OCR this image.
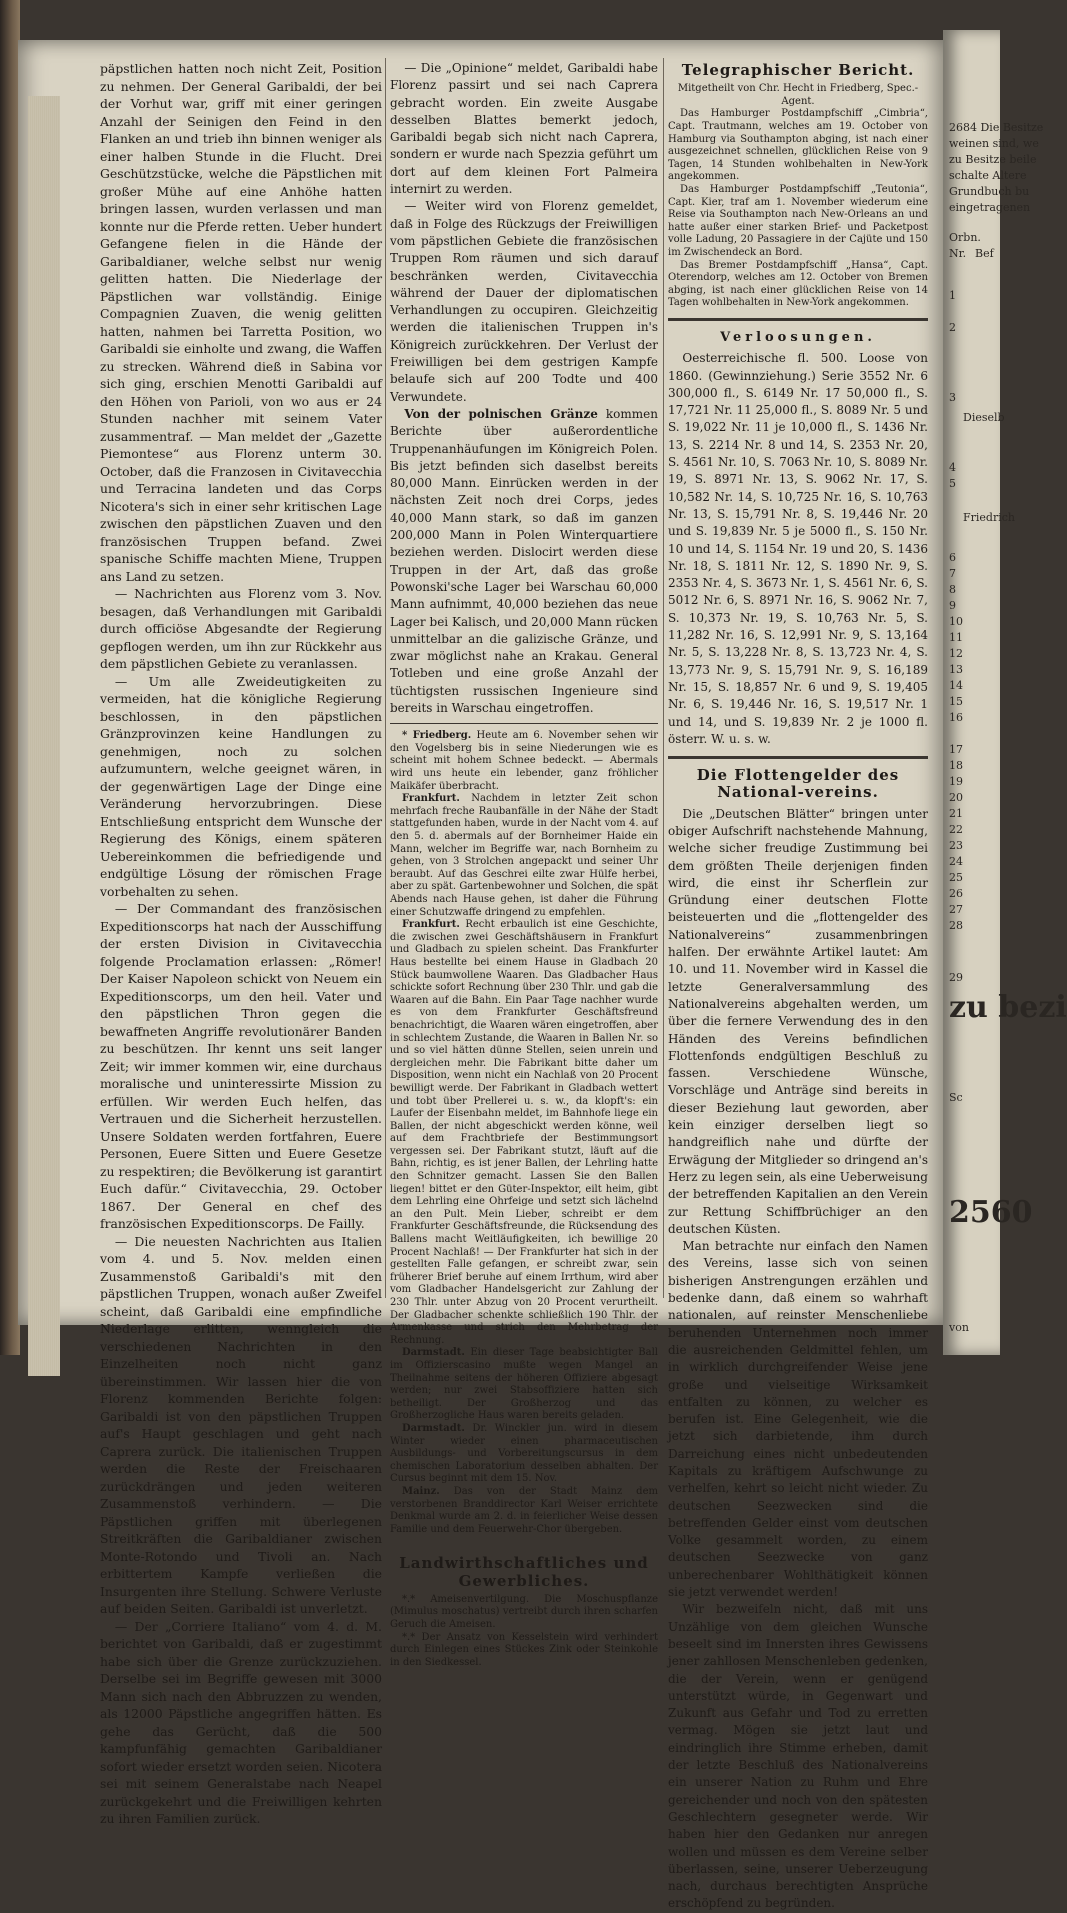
päpstlichen hatten noch nicht Zeit, Position zu nehmen. Der General Garibaldi, der bei der Vorhut war, griff mit einer geringen Anzahl der Seinigen den Feind in den Flanken an und trieb ihn binnen weniger als einer halben Stunde in die Flucht. Drei Geschützstücke, welche die Päpstlichen mit großer Mühe auf eine Anhöhe hatten bringen lassen, wurden verlassen und man konnte nur die Pferde retten. Ueber hundert Gefangene fielen in die Hände der Garibaldianer, welche selbst nur wenig gelitten hatten. Die Niederlage der Päpstlichen war vollständig. Einige Compagnien Zuaven, die wenig gelitten hatten, nahmen bei Tarretta Position, wo Garibaldi sie einholte und zwang, die Waffen zu strecken. Während dieß in Sabina vor sich ging, erschien Menotti Garibaldi auf den Höhen von Parioli, von wo aus er 24 Stunden nachher mit seinem Vater zusammentraf. — Man meldet der „Gazette Piemontese“ aus Florenz unterm 30. October, daß die Franzosen in Civitavecchia und Terracina landeten und das Corps Nicotera's sich in einer sehr kritischen Lage zwischen den päpstlichen Zuaven und den französischen Truppen befand. Zwei spanische Schiffe machten Miene, Truppen ans Land zu setzen.

— Nachrichten aus Florenz vom 3. Nov. besagen, daß Verhandlungen mit Garibaldi durch officiöse Abgesandte der Regierung gepflogen werden, um ihn zur Rückkehr aus dem päpstlichen Gebiete zu veranlassen.

— Um alle Zweideutigkeiten zu vermeiden, hat die königliche Regierung beschlossen, in den päpstlichen Gränzprovinzen keine Handlungen zu genehmigen, noch zu solchen aufzumuntern, welche geeignet wären, in der gegenwärtigen Lage der Dinge eine Veränderung hervorzubringen. Diese Entschließung entspricht dem Wunsche der Regierung des Königs, einem späteren Uebereinkommen die befriedigende und endgültige Lösung der römischen Frage vorbehalten zu sehen.

— Der Commandant des französischen Expeditionscorps hat nach der Ausschiffung der ersten Division in Civitavecchia folgende Proclamation erlassen: „Römer! Der Kaiser Napoleon schickt von Neuem ein Expeditionscorps, um den heil. Vater und den päpstlichen Thron gegen die bewaffneten Angriffe revolutionärer Banden zu beschützen. Ihr kennt uns seit langer Zeit; wir immer kommen wir, eine durchaus moralische und uninteressirte Mission zu erfüllen. Wir werden Euch helfen, das Vertrauen und die Sicherheit herzustellen. Unsere Soldaten werden fortfahren, Euere Personen, Euere Sitten und Euere Gesetze zu respektiren; die Bevölkerung ist garantirt Euch dafür.“ Civitavecchia, 29. October 1867. Der General en chef des französischen Expeditionscorps. De Failly.

— Die neuesten Nachrichten aus Italien vom 4. und 5. Nov. melden einen Zusammenstoß Garibaldi's mit den päpstlichen Truppen, wonach außer Zweifel scheint, daß Garibaldi eine empfindliche Niederlage erlitten, wenngleich die verschiedenen Nachrichten in den Einzelheiten noch nicht ganz übereinstimmen. Wir lassen hier die von Florenz kommenden Berichte folgen: Garibaldi ist von den päpstlichen Truppen auf's Haupt geschlagen und geht nach Caprera zurück. Die italienischen Truppen werden die Reste der Freischaaren zurückdrängen und jeden weiteren Zusammenstoß verhindern. — Die Päpstlichen griffen mit überlegenen Streitkräften die Garibaldianer zwischen Monte-Rotondo und Tivoli an. Nach erbittertem Kampfe verließen die Insurgenten ihre Stellung. Schwere Verluste auf beiden Seiten. Garibaldi ist unverletzt.

— Der „Corriere Italiano“ vom 4. d. M. berichtet von Garibaldi, daß er zugestimmt habe sich über die Grenze zurückzuziehen. Derselbe sei im Begriffe gewesen mit 3000 Mann sich nach den Abbruzzen zu wenden, als 12000 Päpstliche angegriffen hätten. Es gehe das Gerücht, daß die 500 kampfunfähig gemachten Garibaldianer sofort wieder ersetzt worden seien. Nicotera sei mit seinem Generalstabe nach Neapel zurückgekehrt und die Freiwilligen kehrten zu ihren Familien zurück.

— Die „Opinione“ meldet, Garibaldi habe Florenz passirt und sei nach Caprera gebracht worden. Ein zweite Ausgabe desselben Blattes bemerkt jedoch, Garibaldi begab sich nicht nach Caprera, sondern er wurde nach Spezzia geführt um dort auf dem kleinen Fort Palmeira internirt zu werden.

— Weiter wird von Florenz gemeldet, daß in Folge des Rückzugs der Freiwilligen vom päpstlichen Gebiete die französischen Truppen Rom räumen und sich darauf beschränken werden, Civitavecchia während der Dauer der diplomatischen Verhandlungen zu occupiren. Gleichzeitig werden die italienischen Truppen in's Königreich zurückkehren. Der Verlust der Freiwilligen bei dem gestrigen Kampfe belaufe sich auf 200 Todte und 400 Verwundete.

Von der polnischen Gränze kommen Berichte über außerordentliche Truppenanhäufungen im Königreich Polen. Bis jetzt befinden sich daselbst bereits 80,000 Mann. Einrücken werden in der nächsten Zeit noch drei Corps, jedes 40,000 Mann stark, so daß im ganzen 200,000 Mann in Polen Winterquartiere beziehen werden. Dislocirt werden diese Truppen in der Art, daß das große Powonski'sche Lager bei Warschau 60,000 Mann aufnimmt, 40,000 beziehen das neue Lager bei Kalisch, und 20,000 Mann rücken unmittelbar an die galizische Gränze, und zwar möglichst nahe an Krakau. General Totleben und eine große Anzahl der tüchtigsten russischen Ingenieure sind bereits in Warschau eingetroffen.

* Friedberg. Heute am 6. November sehen wir den Vogelsberg bis in seine Niederungen wie es scheint mit hohem Schnee bedeckt. — Abermals wird uns heute ein lebender, ganz fröhlicher Maikäfer überbracht.

Frankfurt. Nachdem in letzter Zeit schon mehrfach freche Raubanfälle in der Nähe der Stadt stattgefunden haben, wurde in der Nacht vom 4. auf den 5. d. abermals auf der Bornheimer Haide ein Mann, welcher im Begriffe war, nach Bornheim zu gehen, von 3 Strolchen angepackt und seiner Uhr beraubt. Auf das Geschrei eilte zwar Hülfe herbei, aber zu spät. Gartenbewohner und Solchen, die spät Abends nach Hause gehen, ist daher die Führung einer Schutzwaffe dringend zu empfehlen.

Frankfurt. Recht erbaulich ist eine Geschichte, die zwischen zwei Geschäftshäusern in Frankfurt und Gladbach zu spielen scheint. Das Frankfurter Haus bestellte bei einem Hause in Gladbach 20 Stück baumwollene Waaren. Das Gladbacher Haus schickte sofort Rechnung über 230 Thlr. und gab die Waaren auf die Bahn. Ein Paar Tage nachher wurde es von dem Frankfurter Geschäftsfreund benachrichtigt, die Waaren wären eingetroffen, aber in schlechtem Zustande, die Waaren in Ballen Nr. so und so viel hätten dünne Stellen, seien unrein und dergleichen mehr. Die Fabrikant bitte daher um Disposition, wenn nicht ein Nachlaß von 20 Procent bewilligt werde. Der Fabrikant in Gladbach wettert und tobt über Prellerei u. s. w., da klopft's: ein Laufer der Eisenbahn meldet, im Bahnhofe liege ein Ballen, der nicht abgeschickt werden könne, weil auf dem Frachtbriefe der Bestimmungsort vergessen sei. Der Fabrikant stutzt, läuft auf die Bahn, richtig, es ist jener Ballen, der Lehrling hatte den Schnitzer gemacht. Lassen Sie den Ballen liegen! bittet er den Güter-Inspektor, eilt heim, gibt dem Lehrling eine Ohrfeige und setzt sich lächelnd an den Pult. Mein Lieber, schreibt er dem Frankfurter Geschäftsfreunde, die Rücksendung des Ballens macht Weitläufigkeiten, ich bewillige 20 Procent Nachlaß! — Der Frankfurter hat sich in der gestellten Falle gefangen, er schreibt zwar, sein früherer Brief beruhe auf einem Irrthum, wird aber vom Gladbacher Handelsgericht zur Zahlung der 230 Thlr. unter Abzug von 20 Procent verurtheilt. Der Gladbacher schenkte schließlich 190 Thlr. der Armenkasse und strich den Mehrbetrag der Rechnung.

Darmstadt. Ein dieser Tage beabsichtigter Ball im Offizierscasino mußte wegen Mangel an Theilnahme seitens der höheren Offiziere abgesagt werden; nur zwei Stabsoffiziere hatten sich betheiligt. Der Großherzog und das Großherzogliche Haus waren bereits geladen.

Darmstadt. Dr. Winckler jun. wird in diesem Winter wieder einen pharmaceutischen Ausbildungs- und Vorbereitungscursus in dem chemischen Laboratorium desselben abhalten. Der Cursus beginnt mit dem 15. Nov.

Mainz. Das von der Stadt Mainz dem verstorbenen Branddirector Karl Weiser errichtete Denkmal wurde am 2. d. in feierlicher Weise dessen Familie und dem Feuerwehr-Chor übergeben.

Landwirthschaftliches und Gewerbliches.

*.* Ameisenvertilgung. Die Moschuspflanze (Mimulus moschatus) vertreibt durch ihren scharfen Geruch die Ameisen.

*.* Der Ansatz von Kesselstein wird verhindert durch Einlegen eines Stückes Zink oder Steinkohle in den Siedkessel.

Telegraphischer Bericht.
Mitgetheilt von Chr. Hecht in Friedberg, Spec.-Agent.

Das Hamburger Postdampfschiff „Cimbria“, Capt. Trautmann, welches am 19. October von Hamburg via Southampton abging, ist nach einer ausgezeichnet schnellen, glücklichen Reise von 9 Tagen, 14 Stunden wohlbehalten in New-York angekommen.

Das Hamburger Postdampfschiff „Teutonia“, Capt. Kier, traf am 1. November wiederum eine Reise via Southampton nach New-Orleans an und hatte außer einer starken Brief- und Packetpost volle Ladung, 20 Passagiere in der Cajüte und 150 im Zwischendeck an Bord.

Das Bremer Postdampfschiff „Hansa“, Capt. Oterendorp, welches am 12. October von Bremen abging, ist nach einer glücklichen Reise von 14 Tagen wohlbehalten in New-York angekommen.

Verloosungen.

Oesterreichische fl. 500. Loose von 1860. (Gewinnziehung.) Serie 3552 Nr. 6 300,000 fl., S. 6149 Nr. 17 50,000 fl., S. 17,721 Nr. 11 25,000 fl., S. 8089 Nr. 5 und S. 19,022 Nr. 11 je 10,000 fl., S. 1436 Nr. 13, S. 2214 Nr. 8 und 14, S. 2353 Nr. 20, S. 4561 Nr. 10, S. 7063 Nr. 10, S. 8089 Nr. 19, S. 8971 Nr. 13, S. 9062 Nr. 17, S. 10,582 Nr. 14, S. 10,725 Nr. 16, S. 10,763 Nr. 13, S. 15,791 Nr. 8, S. 19,446 Nr. 20 und S. 19,839 Nr. 5 je 5000 fl., S. 150 Nr. 10 und 14, S. 1154 Nr. 19 und 20, S. 1436 Nr. 18, S. 1811 Nr. 12, S. 1890 Nr. 9, S. 2353 Nr. 4, S. 3673 Nr. 1, S. 4561 Nr. 6, S. 5012 Nr. 6, S. 8971 Nr. 16, S. 9062 Nr. 7, S. 10,373 Nr. 19, S. 10,763 Nr. 5, S. 11,282 Nr. 16, S. 12,991 Nr. 9, S. 13,164 Nr. 5, S. 13,228 Nr. 8, S. 13,723 Nr. 4, S. 13,773 Nr. 9, S. 15,791 Nr. 9, S. 16,189 Nr. 15, S. 18,857 Nr. 6 und 9, S. 19,405 Nr. 6, S. 19,446 Nr. 16, S. 19,517 Nr. 1 und 14, und S. 19,839 Nr. 2 je 1000 fl. österr. W. u. s. w.

Die Flottengelder des National-vereins.

Die „Deutschen Blätter“ bringen unter obiger Aufschrift nachstehende Mahnung, welche sicher freudige Zustimmung bei dem größten Theile derjenigen finden wird, die einst ihr Scherflein zur Gründung einer deutschen Flotte beisteuerten und die „flottengelder des Nationalvereins“ zusammenbringen halfen. Der erwähnte Artikel lautet: Am 10. und 11. November wird in Kassel die letzte Generalversammlung des Nationalvereins abgehalten werden, um über die fernere Verwendung des in den Händen des Vereins befindlichen Flottenfonds endgültigen Beschluß zu fassen. Verschiedene Wünsche, Vorschläge und Anträge sind bereits in dieser Beziehung laut geworden, aber kein einziger derselben liegt so handgreiflich nahe und dürfte der Erwägung der Mitglieder so dringend an's Herz zu legen sein, als eine Ueberweisung der betreffenden Kapitalien an den Verein zur Rettung Schiffbrüchiger an den deutschen Küsten.

Man betrachte nur einfach den Namen des Vereins, lasse sich von seinen bisherigen Anstrengungen erzählen und bedenke dann, daß einem so wahrhaft nationalen, auf reinster Menschenliebe beruhenden Unternehmen noch immer die ausreichenden Geldmittel fehlen, um in wirklich durchgreifender Weise jene große und vielseitige Wirksamkeit entfalten zu können, zu welcher es berufen ist. Eine Gelegenheit, wie die jetzt sich darbietende, ihm durch Darreichung eines nicht unbedeutenden Kapitals zu kräftigem Aufschwunge zu verhelfen, kehrt so leicht nicht wieder. Zu deutschen Seezwecken sind die betreffenden Gelder einst vom deutschen Volke gesammelt worden, zu einem deutschen Seezwecke von ganz unberechenbarer Wohlthätigkeit können sie jetzt verwendet werden!

Wir bezweifeln nicht, daß mit uns Unzählige von dem gleichen Wunsche beseelt sind im Innersten ihres Gewissens jener zahllosen Menschenleben gedenken, die der Verein, wenn er genügend unterstützt würde, in Gegenwart und Zukunft aus Gefahr und Tod zu erretten vermag. Mögen sie jetzt laut und eindringlich ihre Stimme erheben, damit der letzte Beschluß des Nationalvereins ein unserer Nation zu Ruhm und Ehre gereichender und noch von den spätesten Geschlechtern gesegneter werde. Wir haben hier den Gedanken nur anregen wollen und müssen es dem Vereine selber überlassen, seine, unserer Ueberzeugung nach, durchaus berechtigten Ansprüche erschöpfend zu begründen.

2684 Die Besitze
weinen sind, we
zu Besitze beile
schalte Altere
Grundbuch bu
eingetragenen
Orbn.
Nr. Bef
1
2
3
Dieselb
4
5
Friedrich
6
7
8
9
10
11
12
13
14
15
16
17
18
19
20
21
22
23
24
25
26
27
28
29
zu bezi
Sc
2560
von
